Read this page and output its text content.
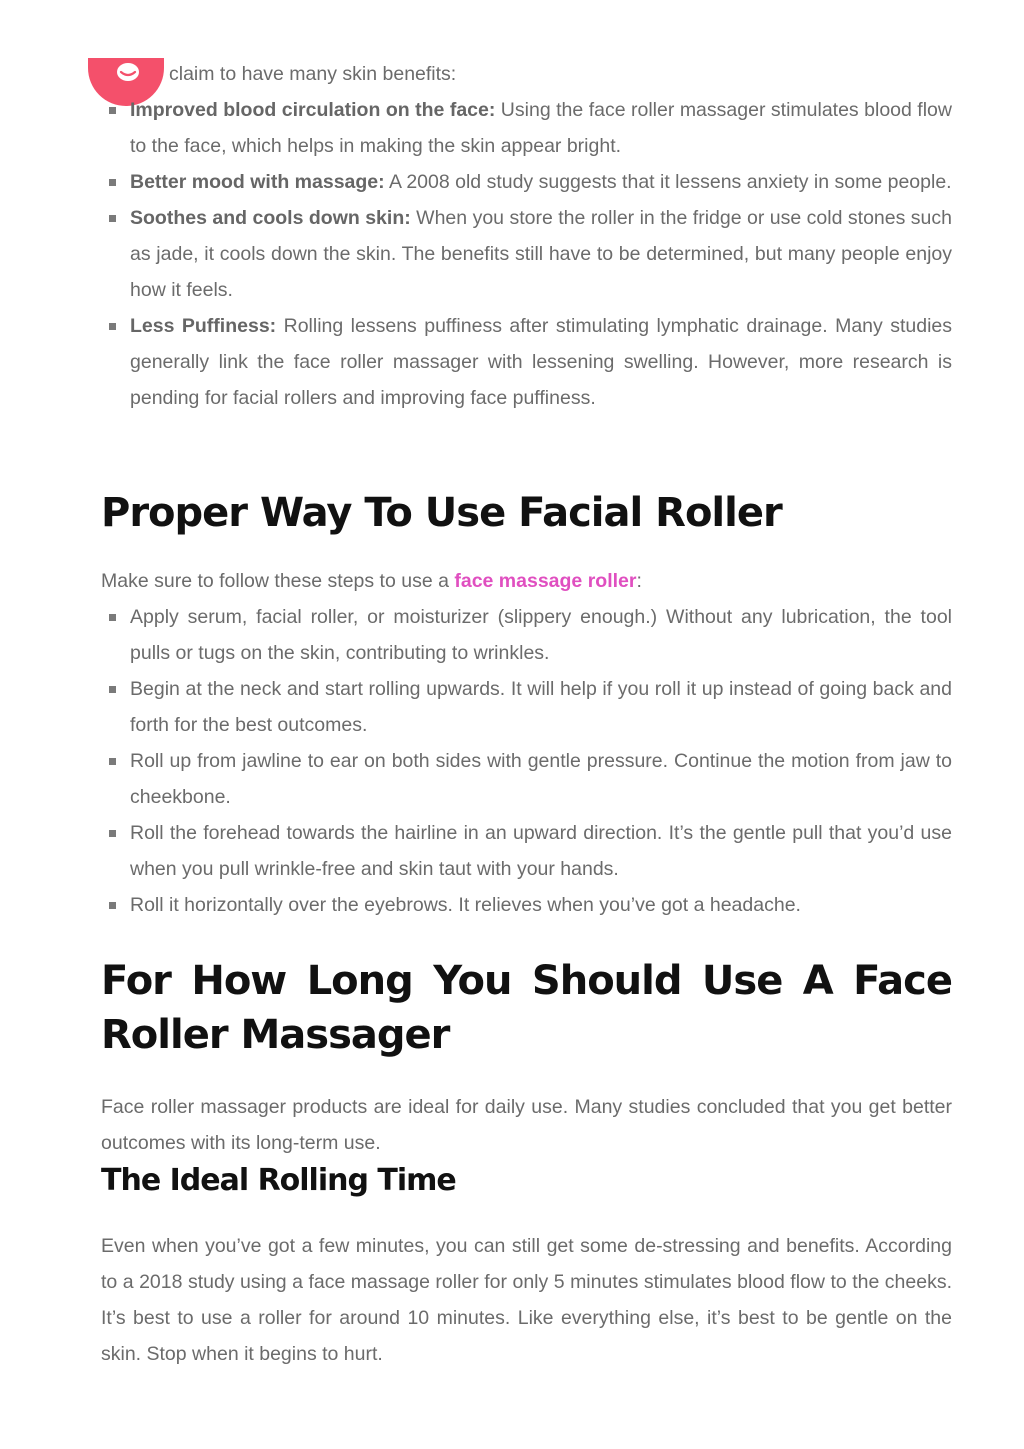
claim to have many skin benefits:

Improved blood circulation on the face: Using the face roller massager stimulates blood flow to the face, which helps in making the skin appear bright.
Better mood with massage: A 2008 old study suggests that it lessens anxiety in some people.
Soothes and cools down skin: When you store the roller in the fridge or use cold stones such as jade, it cools down the skin. The benefits still have to be determined, but many people enjoy how it feels.
Less Puffiness: Rolling lessens puffiness after stimulating lymphatic drainage. Many studies generally link the face roller massager with lessening swelling. However, more research is pending for facial rollers and improving face puffiness.
Proper Way To Use Facial Roller

Make sure to follow these steps to use a face massage roller:

Apply serum, facial roller, or moisturizer (slippery enough.) Without any lubrication, the tool pulls or tugs on the skin, contributing to wrinkles.
Begin at the neck and start rolling upwards. It will help if you roll it up instead of going back and forth for the best outcomes.
Roll up from jawline to ear on both sides with gentle pressure. Continue the motion from jaw to cheekbone.
Roll the forehead towards the hairline in an upward direction. It’s the gentle pull that you’d use when you pull wrinkle-free and skin taut with your hands.
Roll it horizontally over the eyebrows. It relieves when you’ve got a headache.
For How Long You Should Use A Face Roller Massager

Face roller massager products are ideal for daily use. Many studies concluded that you get better outcomes with its long-term use.

The Ideal Rolling Time

Even when you’ve got a few minutes, you can still get some de-stressing and benefits. According to a 2018 study using a face massage roller for only 5 minutes stimulates blood flow to the cheeks. It’s best to use a roller for around 10 minutes. Like everything else, it’s best to be gentle on the skin. Stop when it begins to hurt.
